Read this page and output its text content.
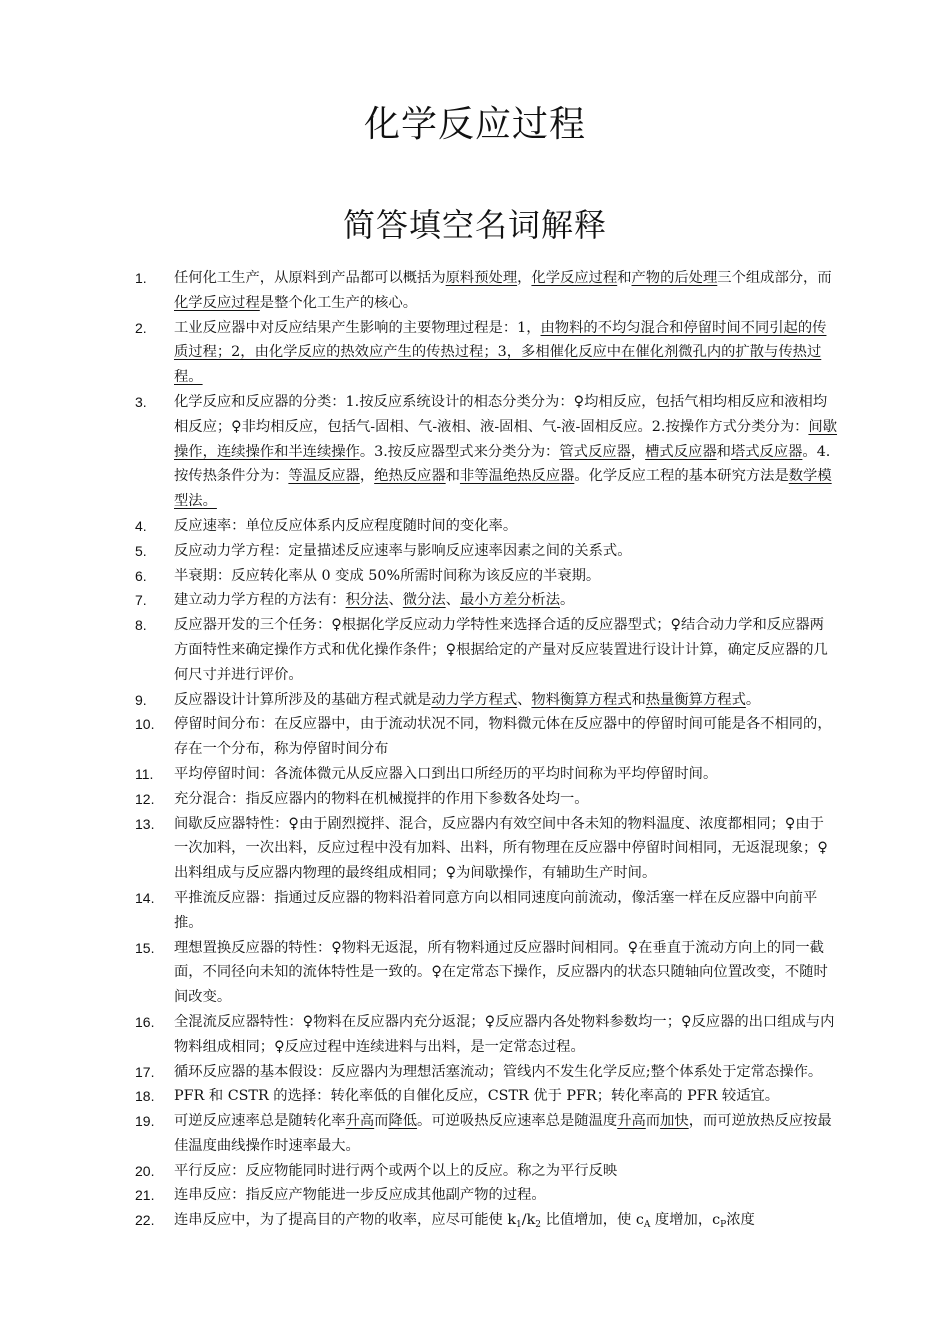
化学反应过程
简答填空名词解释
1.	任何化工生产，从原料到产品都可以概括为原料预处理，化学反应过程和产物的后处理三个组成部分，而化学反应过程是整个化工生产的核心。
2.	工业反应器中对反应结果产生影响的主要物理过程是：1，由物料的不均匀混合和停留时间不同引起的传质过程；2，由化学反应的热效应产生的传热过程；3，多相催化反应中在催化剂微孔内的扩散与传热过程。
3.	化学反应和反应器的分类：1.按反应系统设计的相态分类分为：♀均相反应，包括气相均相反应和液相均相反应；♀非均相反应，包括气-固相、气-液相、液-固相、气-液-固相反应。2.按操作方式分类分为：间歇操作，连续操作和半连续操作。3.按反应器型式来分类分为：管式反应器，槽式反应器和塔式反应器。4.按传热条件分为：等温反应器，绝热反应器和非等温绝热反应器。化学反应工程的基本研究方法是数学模型法。
4.	反应速率：单位反应体系内反应程度随时间的变化率。
5.	反应动力学方程：定量描述反应速率与影响反应速率因素之间的关系式。
6.	半衰期：反应转化率从 0 变成 50%所需时间称为该反应的半衰期。
7.	建立动力学方程的方法有：积分法、微分法、最小方差分析法。
8.	反应器开发的三个任务：♀根据化学反应动力学特性来选择合适的反应器型式；♀结合动力学和反应器两方面特性来确定操作方式和优化操作条件；♀根据给定的产量对反应装置进行设计计算，确定反应器的几何尺寸并进行评价。
9.	反应器设计计算所涉及的基础方程式就是动力学方程式、物料衡算方程式和热量衡算方程式。
10.	停留时间分布：在反应器中，由于流动状况不同，物料微元体在反应器中的停留时间可能是各不相同的，存在一个分布，称为停留时间分布
11.	平均停留时间：各流体微元从反应器入口到出口所经历的平均时间称为平均停留时间。
12.	充分混合：指反应器内的物料在机械搅拌的作用下参数各处均一。
13.	间歇反应器特性：♀由于剧烈搅拌、混合，反应器内有效空间中各未知的物料温度、浓度都相同；♀由于一次加料，一次出料，反应过程中没有加料、出料，所有物理在反应器中停留时间相同，无返混现象；♀出料组成与反应器内物理的最终组成相同；♀为间歇操作，有辅助生产时间。
14.	平推流反应器：指通过反应器的物料沿着同意方向以相同速度向前流动，像活塞一样在反应器中向前平推。
15.	理想置换反应器的特性：♀物料无返混，所有物料通过反应器时间相同。♀在垂直于流动方向上的同一截面，不同径向未知的流体特性是一致的。♀在定常态下操作，反应器内的状态只随轴向位置改变，不随时间改变。
16.	全混流反应器特性：♀物料在反应器内充分返混；♀反应器内各处物料参数均一；♀反应器的出口组成与内物料组成相同；♀反应过程中连续进料与出料，是一定常态过程。
17.	循环反应器的基本假设：反应器内为理想活塞流动；管线内不发生化学反应;整个体系处于定常态操作。
18.	PFR 和 CSTR 的选择：转化率低的自催化反应，CSTR 优于 PFR；转化率高的 PFR 较适宜。
19.	可逆反应速率总是随转化率升高而降低。可逆吸热反应速率总是随温度升高而加快，而可逆放热反应按最佳温度曲线操作时速率最大。
20.	平行反应：反应物能同时进行两个或两个以上的反应。称之为平行反映
21.	连串反应：指反应产物能进一步反应成其他副产物的过程。
22.	连串反应中，为了提高目的产物的收率，应尽可能使 $k_1/k_2$ 比值增加，使 $c_A$ 度增加，$c_P$浓度
